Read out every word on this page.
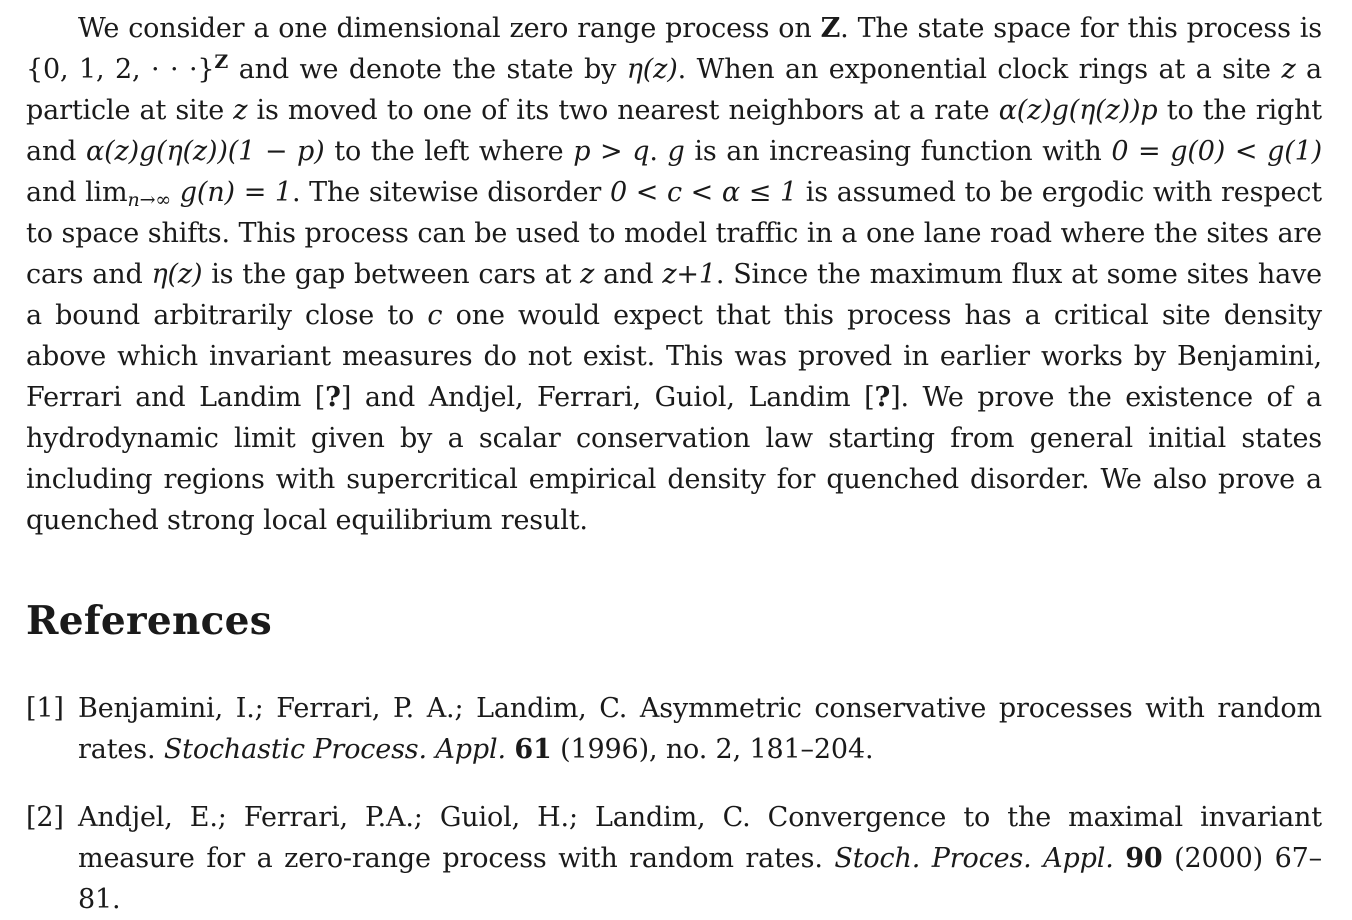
We consider a one dimensional zero range process on Z. The state space for this process is {0, 1, 2, · · ·}$^Z$ and we denote the state by η(z). When an exponential clock rings at a site z a particle at site z is moved to one of its two nearest neighbors at a rate α(z)g(η(z))p to the right and α(z)g(η(z))(1 − p) to the left where p > q. g is an increasing function with 0 = g(0) < g(1) and $\lim_{n\to\infty} g(n) = 1$. The sitewise disorder 0 < c < α ≤ 1 is assumed to be ergodic with respect to space shifts. This process can be used to model traffic in a one lane road where the sites are cars and η(z) is the gap between cars at z and z+1. Since the maximum flux at some sites have a bound arbitrarily close to c one would expect that this process has a critical site density above which invariant measures do not exist. This was proved in earlier works by Benjamini, Ferrari and Landim [?] and Andjel, Ferrari, Guiol, Landim [?]. We prove the existence of a hydrodynamic limit given by a scalar conservation law starting from general initial states including regions with supercritical empirical density for quenched disorder. We also prove a quenched strong local equilibrium result.

References
[1] Benjamini, I.; Ferrari, P. A.; Landim, C. Asymmetric conservative processes with random rates. Stochastic Process. Appl. 61 (1996), no. 2, 181–204.
[2] Andjel, E.; Ferrari, P.A.; Guiol, H.; Landim, C. Convergence to the maximal invariant measure for a zero-range process with random rates. Stoch. Proces. Appl. 90 (2000) 67–81.
